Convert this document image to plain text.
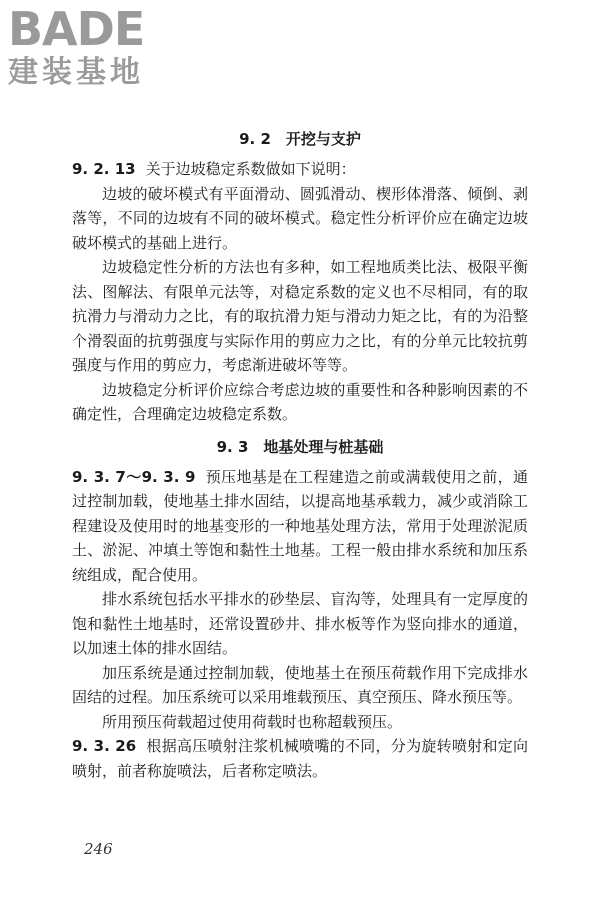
BADE
建装基地
9. 2　开挖与支护

9. 2. 13 关于边坡稳定系数做如下说明：

边坡的破坏模式有平面滑动、圆弧滑动、楔形体滑落、倾倒、剥落等，不同的边坡有不同的破坏模式。稳定性分析评价应在确定边坡破坏模式的基础上进行。

边坡稳定性分析的方法也有多种，如工程地质类比法、极限平衡法、图解法、有限单元法等，对稳定系数的定义也不尽相同，有的取抗滑力与滑动力之比，有的取抗滑力矩与滑动力矩之比，有的为沿整个滑裂面的抗剪强度与实际作用的剪应力之比，有的分单元比较抗剪强度与作用的剪应力，考虑渐进破坏等等。

边坡稳定分析评价应综合考虑边坡的重要性和各种影响因素的不确定性，合理确定边坡稳定系数。

9. 3　地基处理与桩基础

9. 3. 7～9. 3. 9 预压地基是在工程建造之前或满载使用之前，通过控制加载，使地基土排水固结，以提高地基承载力，减少或消除工程建设及使用时的地基变形的一种地基处理方法，常用于处理淤泥质土、淤泥、冲填土等饱和黏性土地基。工程一般由排水系统和加压系统组成，配合使用。

排水系统包括水平排水的砂垫层、盲沟等，处理具有一定厚度的饱和黏性土地基时，还常设置砂井、排水板等作为竖向排水的通道，以加速土体的排水固结。

加压系统是通过控制加载，使地基土在预压荷载作用下完成排水固结的过程。加压系统可以采用堆载预压、真空预压、降水预压等。

所用预压荷载超过使用荷载时也称超载预压。

9. 3. 26 根据高压喷射注浆机械喷嘴的不同，分为旋转喷射和定向喷射，前者称旋喷法，后者称定喷法。

246
